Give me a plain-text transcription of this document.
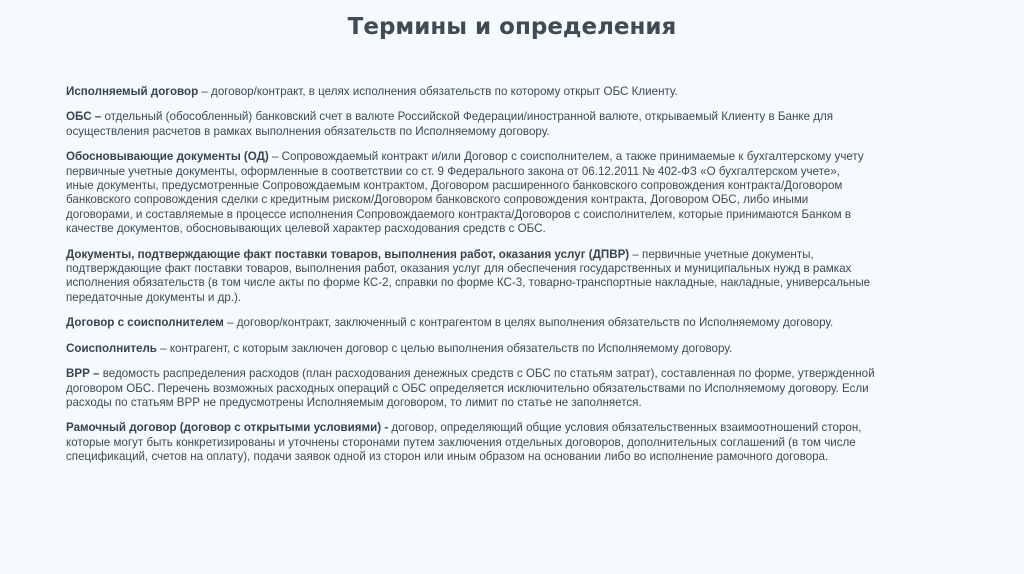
Термины и определения

Исполняемый договор – договор/контракт, в целях исполнения обязательств по которому открыт ОБС Клиенту.

ОБС – отдельный (обособленный) банковский счет в валюте Российской Федерации/иностранной валюте, открываемый Клиенту в Банке для

осуществления расчетов в рамках выполнения обязательств по Исполняемому договору.

Обосновывающие документы (ОД) – Сопровождаемый контракт и/или Договор с соисполнителем, а также принимаемые к бухгалтерскому учету

первичные учетные документы, оформленные в соответствии со ст. 9 Федерального закона от 06.12.2011 № 402-ФЗ «О бухгалтерском учете»,

иные документы, предусмотренные Сопровождаемым контрактом, Договором расширенного банковского сопровождения контракта/Договором

банковского сопровождения сделки с кредитным риском/Договором банковского сопровождения контракта, Договором ОБС, либо иными

договорами, и составляемые в процессе исполнения Сопровождаемого контракта/Договоров с соисполнителем, которые принимаются Банком в

качестве документов, обосновывающих целевой характер расходования средств с ОБС.

Документы, подтверждающие факт поставки товаров, выполнения работ, оказания услуг (ДПВР) – первичные учетные документы,

подтверждающие факт поставки товаров, выполнения работ, оказания услуг для обеспечения государственных и муниципальных нужд в рамках

исполнения обязательств (в том числе акты по форме КС-2, справки по форме КС-3, товарно-транспортные накладные, накладные, универсальные

передаточные документы и др.).

Договор с соисполнителем – договор/контракт, заключенный с контрагентом в целях выполнения обязательств по Исполняемому договору.

Соисполнитель – контрагент, с которым заключен договор с целью выполнения обязательств по Исполняемому договору.

ВРР – ведомость распределения расходов (план расходования денежных средств с ОБС по статьям затрат), составленная по форме, утвержденной

договором ОБС. Перечень возможных расходных операций с ОБС определяется исключительно обязательствами по Исполняемому договору. Если

расходы по статьям ВРР не предусмотрены Исполняемым договором, то лимит по статье не заполняется.

Рамочный договор (договор с открытыми условиями) - договор, определяющий общие условия обязательственных взаимоотношений сторон,

которые могут быть конкретизированы и уточнены сторонами путем заключения отдельных договоров, дополнительных соглашений (в том числе

спецификаций, счетов на оплату), подачи заявок одной из сторон или иным образом на основании либо во исполнение рамочного договора.
